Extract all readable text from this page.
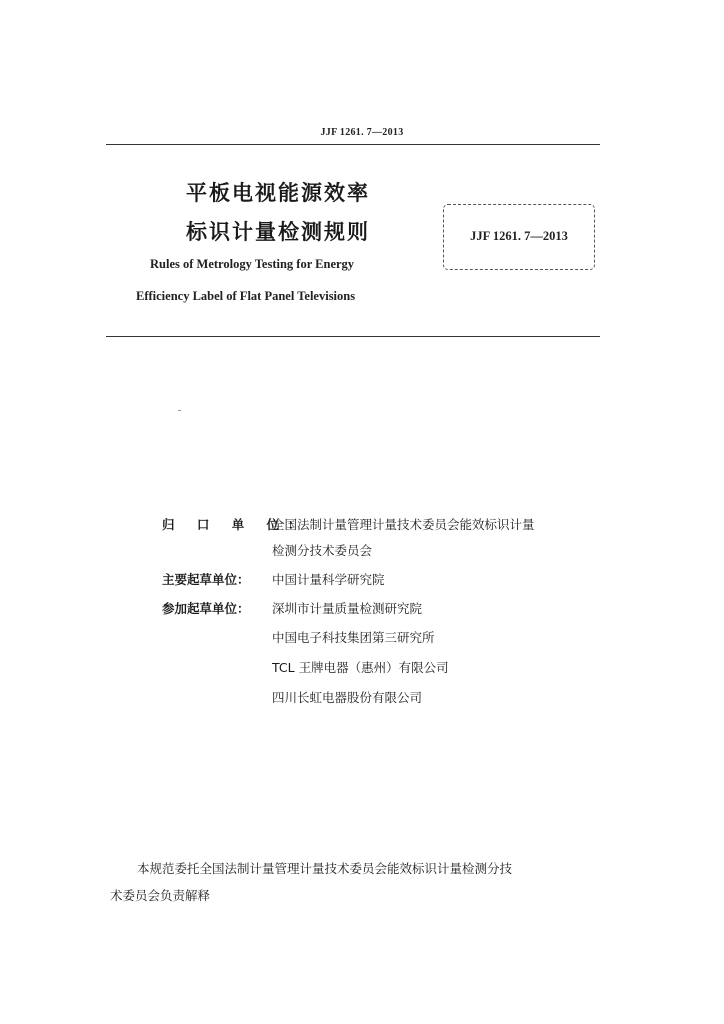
JJF 1261. 7—2013
平板电视能源效率
标识计量检测规则
Rules of Metrology Testing for Energy
Efficiency Label of Flat Panel Televisions
JJF 1261. 7—2013
归 口 单 位：
全国法制计量管理计量技术委员会能效标识计量
检测分技术委员会
主要起草单位：	中国计量科学研究院
参加起草单位：	深圳市计量质量检测研究院
中国电子科技集团第三研究所
TCL 王牌电器（惠州）有限公司
四川长虹电器股份有限公司
本规范委托全国法制计量管理计量技术委员会能效标识计量检测分技
术委员会负责解释
